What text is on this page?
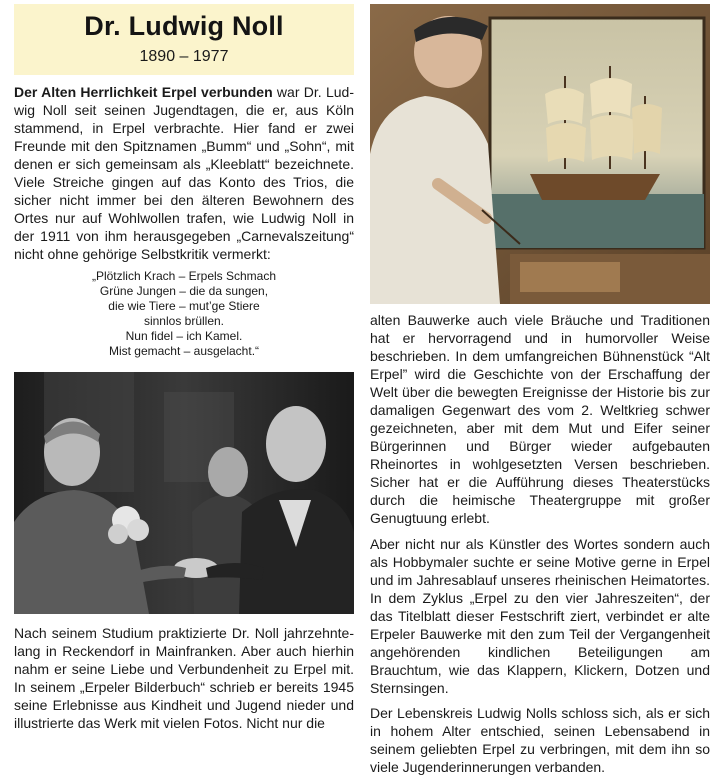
Dr. Ludwig Noll
1890 – 1977

Der Alten Herrlichkeit Erpel verbunden war Dr. Ludwig Noll seit seinen Jugendtagen, die er, aus Köln stammend, in Erpel verbrachte. Hier fand er zwei Freunde mit den Spitznamen „Bumm“ und „Sohn“, mit denen er sich gemeinsam als „Kleeblatt“ bezeichnete. Viele Streiche gingen auf das Konto des Trios, die sicher nicht immer bei den älteren Bewohnern des Ortes nur auf Wohlwollen trafen, wie Ludwig Noll in der 1911 von ihm herausgegeben „Carnevalszeitung“ nicht ohne gehörige Selbstkritik vermerkt:

„Plötzlich Krach – Erpels Schmach
Grüne Jungen – die da sungen,
die wie Tiere – mut’ge Stiere
sinnlos brüllen.
Nun fidel – ich Kamel.
Mist gemacht – ausgelacht.“

Nach seinem Studium praktizierte Dr. Noll jahrzehntelang in Reckendorf in Mainfranken. Aber auch hierhin nahm er seine Liebe und Verbundenheit zu Erpel mit. In seinem „Erpeler Bilderbuch“ schrieb er bereits 1945 seine Erlebnisse aus Kindheit und Jugend nieder und illustrierte das Werk mit vielen Fotos. Nicht nur die

alten Bauwerke auch viele Bräuche und Traditionen hat er hervorragend und in humorvoller Weise beschrieben. In dem umfangreichen Bühnenstück “Alt Erpel” wird die Geschichte von der Erschaffung der Welt über die bewegten Ereignisse der Historie bis zur damaligen Gegenwart des vom 2. Weltkrieg schwer gezeichneten, aber mit dem Mut und Eifer seiner Bürgerinnen und Bürger wieder aufgebauten Rheinortes in wohlgesetzten Versen beschrieben. Sicher hat er die Aufführung dieses Theaterstücks durch die heimische Theatergruppe mit großer Genugtuung erlebt.

Aber nicht nur als Künstler des Wortes sondern auch als Hobbymaler suchte er seine Motive gerne in Erpel und im Jahresablauf unseres rheinischen Heimatortes. In dem Zyklus „Erpel zu den vier Jahreszeiten“, der das Titelblatt dieser Festschrift ziert, verbindet er alte Erpeler Bauwerke mit den zum Teil der Vergangenheit angehörenden kindlichen Beteiligungen am Brauchtum, wie das Klappern, Klickern, Dotzen und Sternsingen.

Der Lebenskreis Ludwig Nolls schloss sich, als er sich in hohem Alter entschied, seinen Lebensabend in seinem geliebten Erpel zu verbringen, mit dem ihn so viele Jugenderinnerungen verbanden.
